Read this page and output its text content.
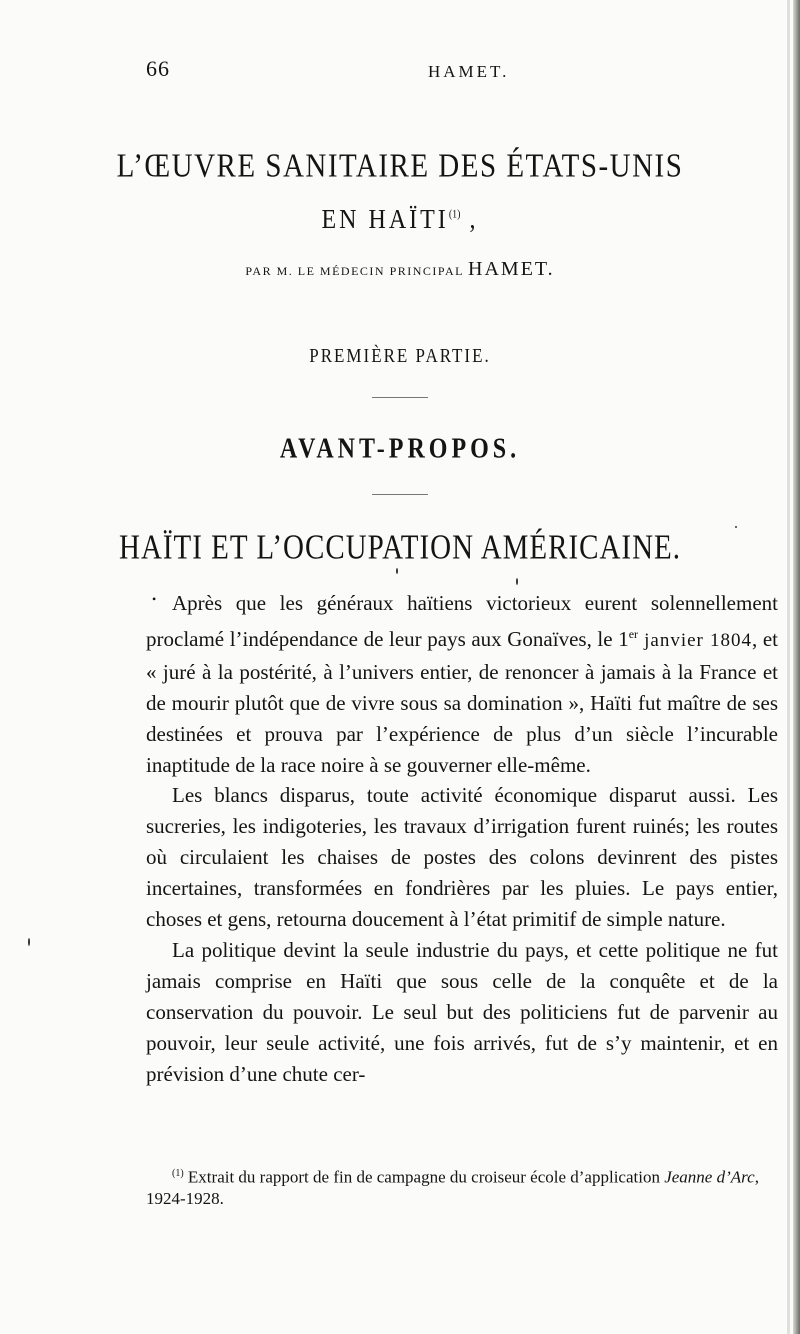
66	HAMET.
L’ŒUVRE SANITAIRE DES ÉTATS-UNIS
EN HAÏTI$^{(1)}$ ,
PAR M. LE MÉDECIN PRINCIPAL HAMET.
PREMIÈRE PARTIE.
AVANT-PROPOS.
HAÏTI ET L’OCCUPATION AMÉRICAINE.
• Après que les généraux haïtiens victorieux eurent solennellement proclamé l’indépendance de leur pays aux Gonaïves, le 1er janvier 1804, et « juré à la postérité, à l’univers entier, de renoncer à jamais à la France et de mourir plutôt que de vivre sous sa domination », Haïti fut maître de ses destinées et prouva par l’expérience de plus d’un siècle l’incurable inaptitude de la race noire à se gouverner elle-même.

Les blancs disparus, toute activité économique disparut aussi. Les sucreries, les indigoteries, les travaux d’irrigation furent ruinés; les routes où circulaient les chaises de postes des colons devinrent des pistes incertaines, transformées en fondrières par les pluies. Le pays entier, choses et gens, retourna doucement à l’état primitif de simple nature.

La politique devint la seule industrie du pays, et cette politique ne fut jamais comprise en Haïti que sous celle de la conquête et de la conservation du pouvoir. Le seul but des politiciens fut de parvenir au pouvoir, leur seule activité, une fois arrivés, fut de s’y maintenir, et en prévision d’une chute cer-

$^{(1)}$ Extrait du rapport de fin de campagne du croiseur école d’application Jeanne d’Arc, 1924-1928.
